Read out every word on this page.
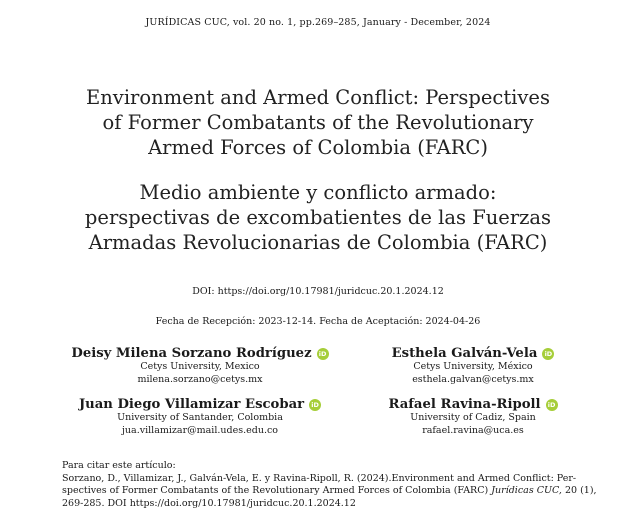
JURÍDICAS CUC, vol. 20 no. 1, pp.269–285, January - December, 2024
Environment and Armed Conflict: Perspectives
of Former Combatants of the Revolutionary
Armed Forces of Colombia (FARC)
Medio ambiente y conflicto armado:
perspectivas de excombatientes de las Fuerzas
Armadas Revolucionarias de Colombia (FARC)
DOI: https://doi.org/10.17981/juridcuc.20.1.2024.12
Fecha de Recepción: 2023-12-14. Fecha de Aceptación: 2024-04-26
Deisy Milena Sorzano Rodríguez	iD
Cetys University, Mexico
milena.sorzano@cetys.mx
Esthela Galván-Vela	iD
Cetys University, México
esthela.galvan@cetys.mx
Juan Diego Villamizar Escobar	iD
University of Santander, Colombia
jua.villamizar@mail.udes.edu.co
Rafael Ravina-Ripoll	iD
University of Cadiz, Spain
rafael.ravina@uca.es
Para citar este artículo:
Sorzano, D., Villamizar, J., Galván-Vela, E. y Ravina-Ripoll, R. (2024).Environment and Armed Conflict: Per-spectives of Former Combatants of the Revolutionary Armed Forces of Colombia (FARC) Jurídicas CUC, 20 (1), 269-285. DOI https://doi.org/10.17981/juridcuc.20.1.2024.12
